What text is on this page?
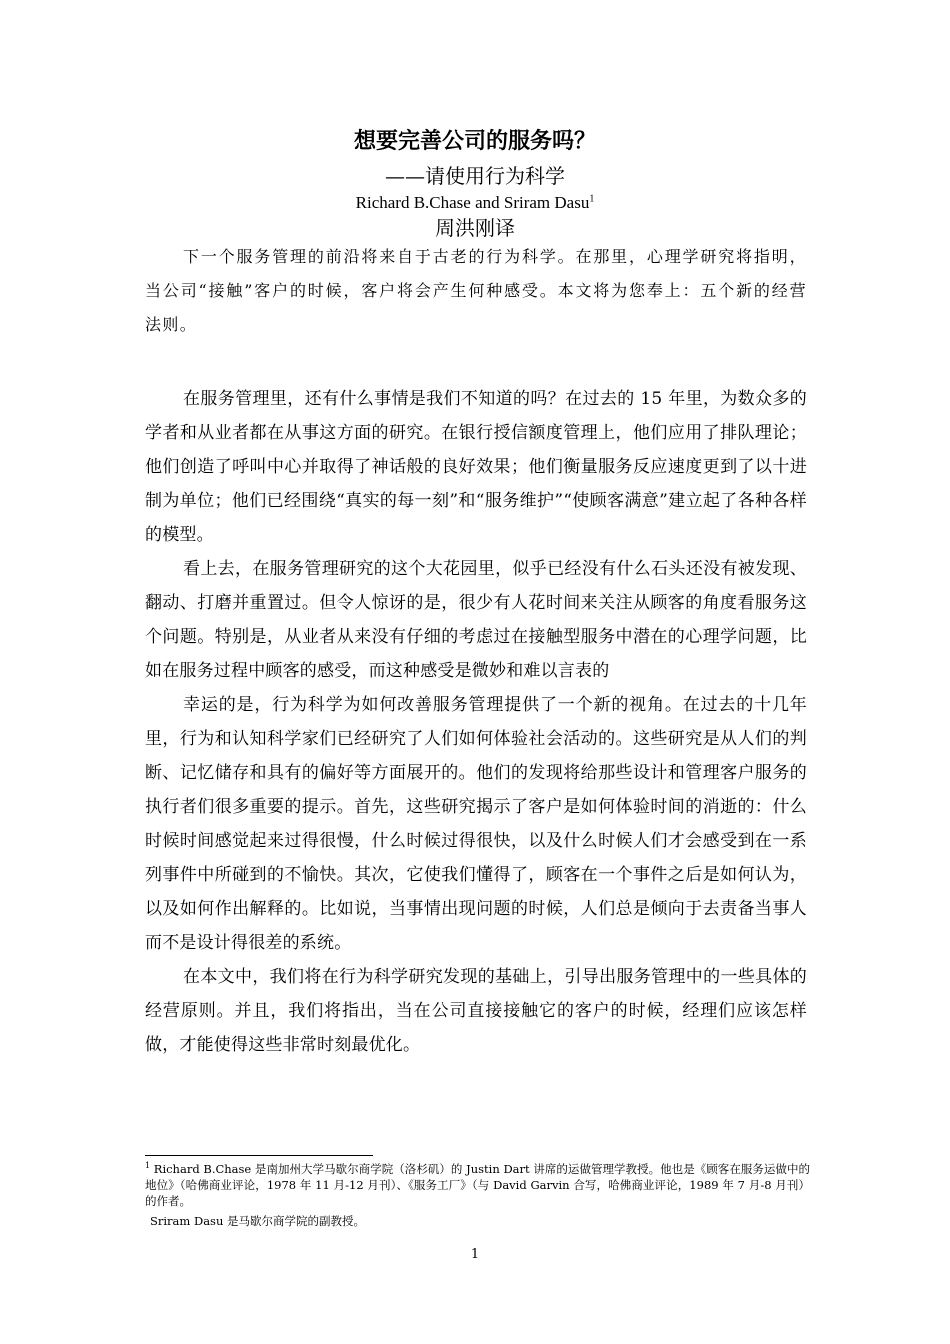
想要完善公司的服务吗？
——请使用行为科学
Richard B.Chase and Sriram Dasu$^1$
周洪刚译

下一个服务管理的前沿将来自于古老的行为科学。在那里，心理学研究将指明，当公司“接触”客户的时候，客户将会产生何种感受。本文将为您奉上：五个新的经营法则。

在服务管理里，还有什么事情是我们不知道的吗？在过去的 15 年里，为数众多的学者和从业者都在从事这方面的研究。在银行授信额度管理上，他们应用了排队理论；他们创造了呼叫中心并取得了神话般的良好效果；他们衡量服务反应速度更到了以十进制为单位；他们已经围绕“真实的每一刻”和“服务维护”“使顾客满意”建立起了各种各样的模型。

看上去，在服务管理研究的这个大花园里，似乎已经没有什么石头还没有被发现、翻动、打磨并重置过。但令人惊讶的是，很少有人花时间来关注从顾客的角度看服务这个问题。特别是，从业者从来没有仔细的考虑过在接触型服务中潜在的心理学问题，比如在服务过程中顾客的感受，而这种感受是微妙和难以言表的

幸运的是，行为科学为如何改善服务管理提供了一个新的视角。在过去的十几年里，行为和认知科学家们已经研究了人们如何体验社会活动的。这些研究是从人们的判断、记忆储存和具有的偏好等方面展开的。他们的发现将给那些设计和管理客户服务的执行者们很多重要的提示。首先，这些研究揭示了客户是如何体验时间的消逝的：什么时候时间感觉起来过得很慢，什么时候过得很快，以及什么时候人们才会感受到在一系列事件中所碰到的不愉快。其次，它使我们懂得了，顾客在一个事件之后是如何认为，以及如何作出解释的。比如说，当事情出现问题的时候，人们总是倾向于去责备当事人而不是设计得很差的系统。

在本文中，我们将在行为科学研究发现的基础上，引导出服务管理中的一些具体的经营原则。并且，我们将指出，当在公司直接接触它的客户的时候，经理们应该怎样做，才能使得这些非常时刻最优化。

$^1$ Richard B.Chase 是南加州大学马歇尔商学院（洛杉矶）的 Justin Dart 讲席的运做管理学教授。他也是《顾客在服务运做中的地位》（哈佛商业评论，1978 年 11 月-12 月刊）、《服务工厂》（与 David Garvin 合写，哈佛商业评论，1989 年 7 月-8 月刊）的作者。

Sriram Dasu 是马歇尔商学院的副教授。

1
